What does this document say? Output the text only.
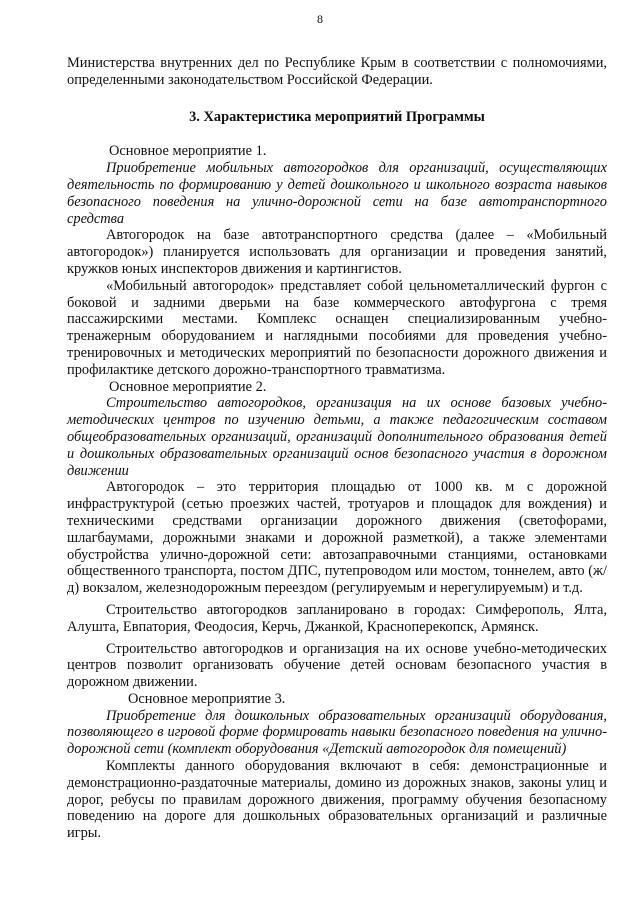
8

Министерства внутренних дел по Республике Крым в соответствии с полномочиями, определенными законодательством Российской Федерации.

3. Характеристика мероприятий Программы

Основное мероприятие 1.

Приобретение мобильных автогородков для организаций, осуществляющих деятельность по формированию у детей дошкольного и школьного возраста навыков безопасного поведения на улично-дорожной сети на базе автотранспортного средства

Автогородок на базе автотранспортного средства (далее – «Мобильный автогородок») планируется использовать для организации и проведения занятий, кружков юных инспекторов движения и картингистов.

«Мобильный автогородок» представляет собой цельнометаллический фургон с боковой и задними дверьми на базе коммерческого автофургона с тремя пассажирскими местами. Комплекс оснащен специализированным учебно-тренажерным оборудованием и наглядными пособиями для проведения учебно-тренировочных и методических мероприятий по безопасности дорожного движения и профилактике детского дорожно-транспортного травматизма.

Основное мероприятие 2.

Строительство автогородков, организация на их основе базовых учебно-методических центров по изучению детьми, а также педагогическим составом общеобразовательных организаций, организаций дополнительного образования детей и дошкольных образовательных организаций основ безопасного участия в дорожном движении

Автогородок – это территория площадью от 1000 кв. м с дорожной инфраструктурой (сетью проезжих частей, тротуаров и площадок для вождения) и техническими средствами организации дорожного движения (светофорами, шлагбаумами, дорожными знаками и дорожной разметкой), а также элементами обустройства улично-дорожной сети: автозаправочными станциями, остановками общественного транспорта, постом ДПС, путепроводом или мостом, тоннелем, авто (ж/д) вокзалом, железнодорожным переездом (регулируемым и нерегулируемым) и т.д.

Строительство автогородков запланировано в городах: Симферополь, Ялта, Алушта, Евпатория, Феодосия, Керчь, Джанкой, Красноперекопск, Армянск.

Строительство автогородков и организация на их основе учебно-методических центров позволит организовать обучение детей основам безопасного участия в дорожном движении.

Основное мероприятие 3.

Приобретение для дошкольных образовательных организаций оборудования, позволяющего в игровой форме формировать навыки безопасного поведения на улично-дорожной сети (комплект оборудования «Детский автогородок для помещений)

Комплекты данного оборудования включают в себя: демонстрационные и демонстрационно-раздаточные материалы, домино из дорожных знаков, законы улиц и дорог, ребусы по правилам дорожного движения, программу обучения безопасному поведению на дороге для дошкольных образовательных организаций и различные игры.
